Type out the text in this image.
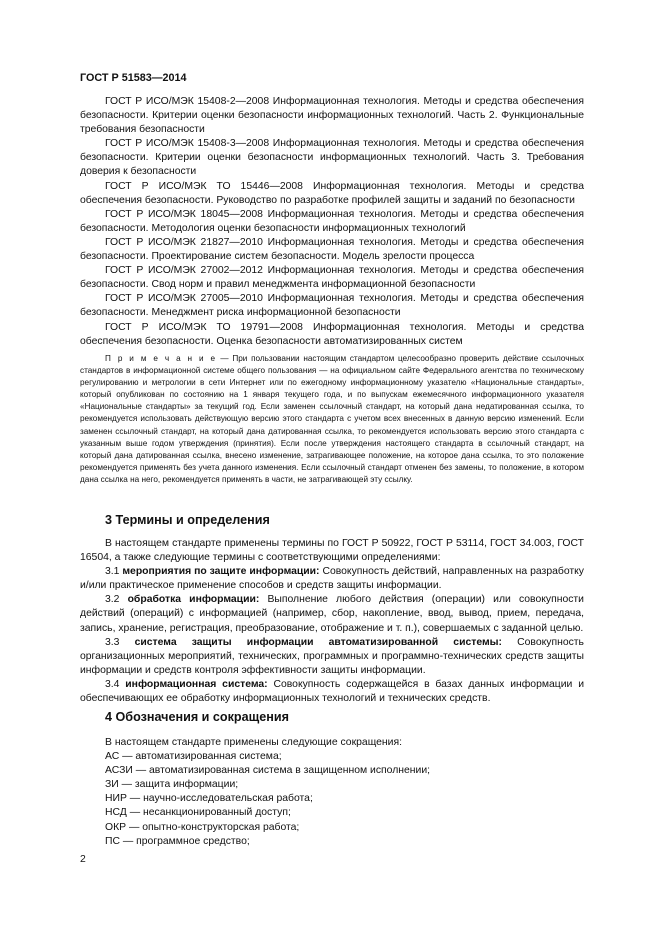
ГОСТ Р 51583—2014

ГОСТ Р ИСО/МЭК 15408-2—2008 Информационная технология. Методы и средства обеспечения безопасности. Критерии оценки безопасности информационных технологий. Часть 2. Функциональные требования безопасности

ГОСТ Р ИСО/МЭК 15408-3—2008 Информационная технология. Методы и средства обеспечения безопасности. Критерии оценки безопасности информационных технологий. Часть 3. Требования доверия к безопасности

ГОСТ Р ИСО/МЭК ТО 15446—2008 Информационная технология. Методы и средства обеспечения безопасности. Руководство по разработке профилей защиты и заданий по безопасности

ГОСТ Р ИСО/МЭК 18045—2008 Информационная технология. Методы и средства обеспечения безопасности. Методология оценки безопасности информационных технологий

ГОСТ Р ИСО/МЭК 21827—2010 Информационная технология. Методы и средства обеспечения безопасности. Проектирование систем безопасности. Модель зрелости процесса

ГОСТ Р ИСО/МЭК 27002—2012 Информационная технология. Методы и средства обеспечения безопасности. Свод норм и правил менеджмента информационной безопасности

ГОСТ Р ИСО/МЭК 27005—2010 Информационная технология. Методы и средства обеспечения безопасности. Менеджмент риска информационной безопасности

ГОСТ Р ИСО/МЭК ТО 19791—2008 Информационная технология. Методы и средства обеспечения безопасности. Оценка безопасности автоматизированных систем

П р и м е ч а н и е — При пользовании настоящим стандартом целесообразно проверить действие ссылочных стандартов в информационной системе общего пользования — на официальном сайте Федерального агентства по техническому регулированию и метрологии в сети Интернет или по ежегодному информационному указателю «Национальные стандарты», который опубликован по состоянию на 1 января текущего года, и по выпускам ежемесячного информационного указателя «Национальные стандарты» за текущий год. Если заменен ссылочный стандарт, на который дана недатированная ссылка, то рекомендуется использовать действующую версию этого стандарта с учетом всех внесенных в данную версию изменений. Если заменен ссылочный стандарт, на который дана датированная ссылка, то рекомендуется использовать версию этого стандарта с указанным выше годом утверждения (принятия). Если после утверждения настоящего стандарта в ссылочный стандарт, на который дана датированная ссылка, внесено изменение, затрагивающее положение, на которое дана ссылка, то это положение рекомендуется применять без учета данного изменения. Если ссылочный стандарт отменен без замены, то положение, в котором дана ссылка на него, рекомендуется применять в части, не затрагивающей эту ссылку.

3 Термины и определения

В настоящем стандарте применены термины по ГОСТ Р 50922, ГОСТ Р 53114, ГОСТ 34.003, ГОСТ 16504, а также следующие термины с соответствующими определениями:

3.1 мероприятия по защите информации: Совокупность действий, направленных на разработку и/или практическое применение способов и средств защиты информации.

3.2 обработка информации: Выполнение любого действия (операции) или совокупности действий (операций) с информацией (например, сбор, накопление, ввод, вывод, прием, передача, запись, хранение, регистрация, преобразование, отображение и т. п.), совершаемых с заданной целью.

3.3 система защиты информации автоматизированной системы: Совокупность организационных мероприятий, технических, программных и программно-технических средств защиты информации и средств контроля эффективности защиты информации.

3.4 информационная система: Совокупность содержащейся в базах данных информации и обеспечивающих ее обработку информационных технологий и технических средств.

4 Обозначения и сокращения
В настоящем стандарте применены следующие сокращения:
АС — автоматизированная система;
АСЗИ — автоматизированная система в защищенном исполнении;
ЗИ — защита информации;
НИР — научно-исследовательская работа;
НСД — несанкционированный доступ;
ОКР — опытно-конструкторская работа;
ПС — программное средство;
2
